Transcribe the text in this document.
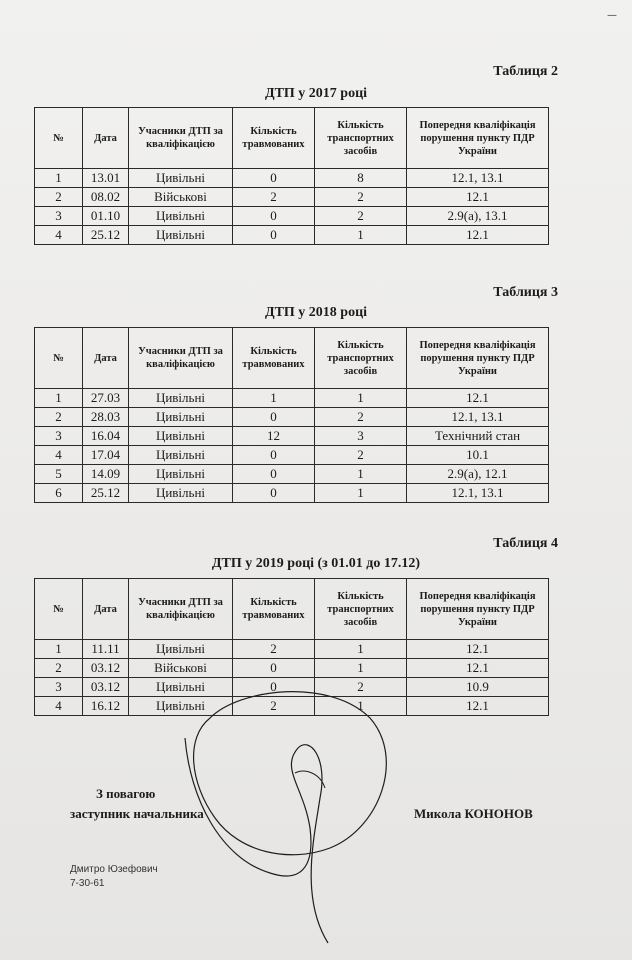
—
Таблиця 2
ДТП у 2017 році
№	Дата	Учасники ДТП за кваліфікацією	Кількість травмованих	Кількість транспортних засобів	Попередня кваліфікація порушення пункту ПДР України
1	13.01	Цивільні	0	8	12.1, 13.1
2	08.02	Військові	2	2	12.1
3	01.10	Цивільні	0	2	2.9(а), 13.1
4	25.12	Цивільні	0	1	12.1
Таблиця 3
ДТП у 2018 році
№	Дата	Учасники ДТП за кваліфікацією	Кількість травмованих	Кількість транспортних засобів	Попередня кваліфікація порушення пункту ПДР України
1	27.03	Цивільні	1	1	12.1
2	28.03	Цивільні	0	2	12.1, 13.1
3	16.04	Цивільні	12	3	Технічний стан
4	17.04	Цивільні	0	2	10.1
5	14.09	Цивільні	0	1	2.9(а), 12.1
6	25.12	Цивільні	0	1	12.1, 13.1
Таблиця 4
ДТП у 2019 році (з 01.01 до 17.12)
№	Дата	Учасники ДТП за кваліфікацією	Кількість травмованих	Кількість транспортних засобів	Попередня кваліфікація порушення пункту ПДР України
1	11.11	Цивільні	2	1	12.1
2	03.12	Військові	0	1	12.1
3	03.12	Цивільні	0	2	10.9
4	16.12	Цивільні	2	1	12.1
З повагою
заступник начальника	Микола КОНОНОВ
Дмитро Юзефович
7-30-61
